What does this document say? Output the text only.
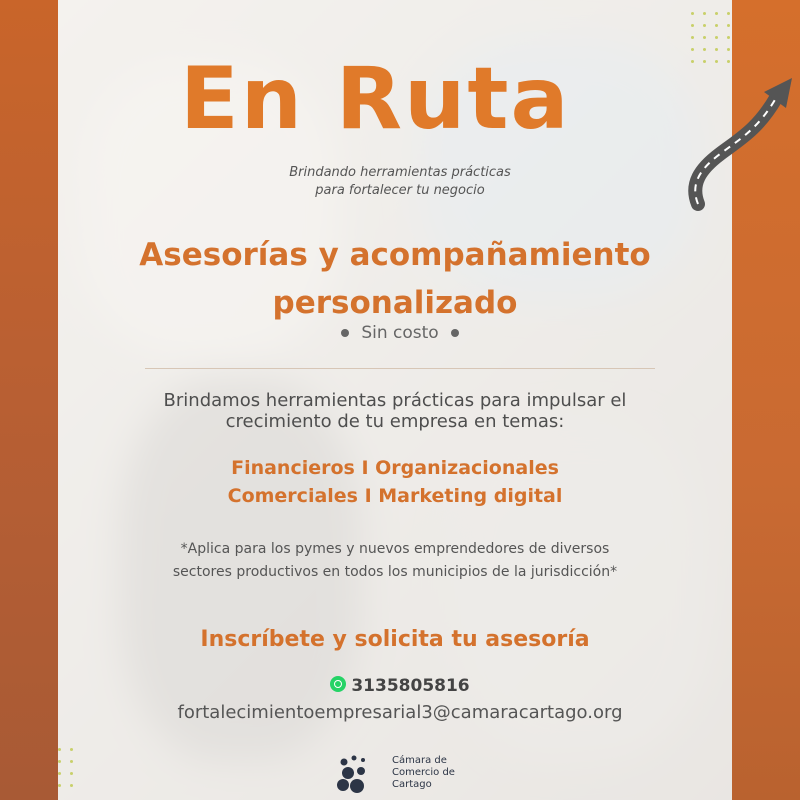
En Ruta
Brindando herramientas prácticas
para fortalecer tu negocio
Asesorías y acompañamiento
personalizado
Sin costo
Brindamos herramientas prácticas para impulsar el
crecimiento de tu empresa en temas:
Financieros I Organizacionales
Comerciales I Marketing digital
*Aplica para los pymes y nuevos emprendedores de diversos
sectores productivos en todos los municipios de la jurisdicción*
Inscríbete y solicita tu asesoría
3135805816
fortalecimientoempresarial3@camaracartago.org
Cámara de
Comercio de
Cartago
